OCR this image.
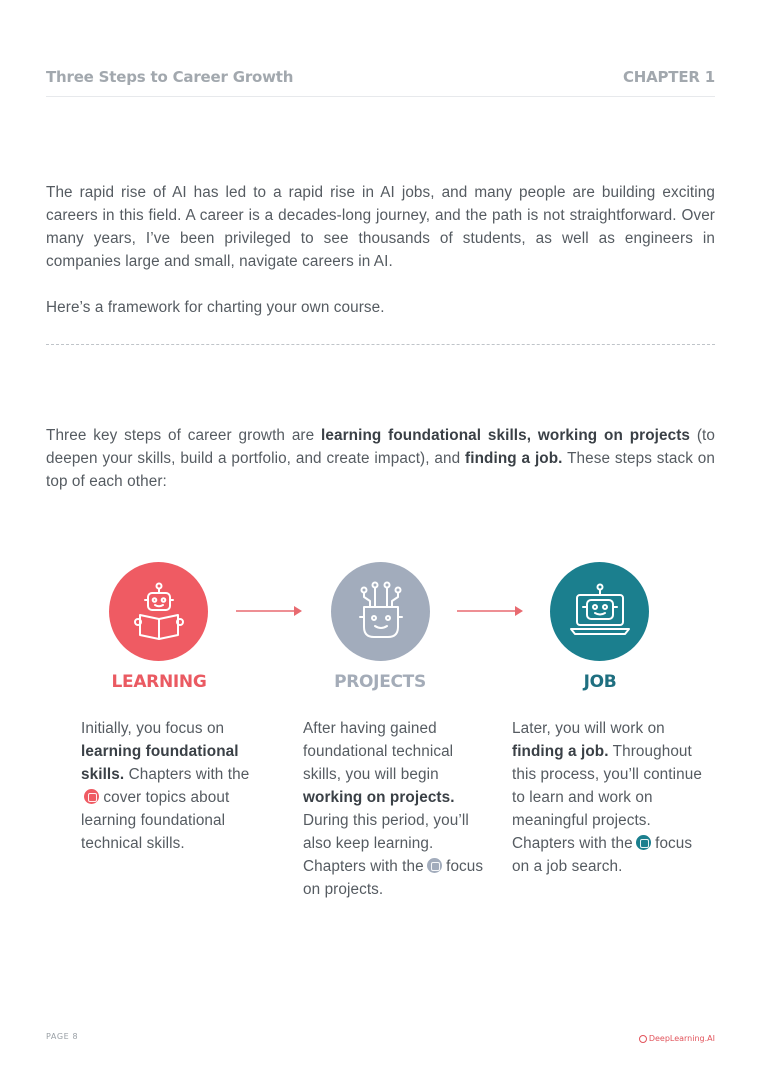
Three Steps to Career Growth	CHAPTER 1

The rapid rise of AI has led to a rapid rise in AI jobs, and many people are building exciting careers in this field. A career is a decades-long journey, and the path is not straightforward. Over many years, I’ve been privileged to see thousands of students, as well as engineers in companies large and small, navigate careers in AI.

Here’s a framework for charting your own course.

Three key steps of career growth are learning foundational skills, working on projects (to deepen your skills, build a portfolio, and create impact), and finding a job. These steps stack on top of each other:

LEARNING	PROJECTS	JOB

Initially, you focus on learning foundational skills. Chapters with the cover topics about learning foundational technical skills.

After having gained foundational technical skills, you will begin working on projects. During this period, you’ll also keep learning. Chapters with the focus on projects.

Later, you will work on finding a job. Throughout this process, you’ll continue to learn and work on meaningful projects. Chapters with the focus on a job search.

PAGE 8	DeepLearning.AI
